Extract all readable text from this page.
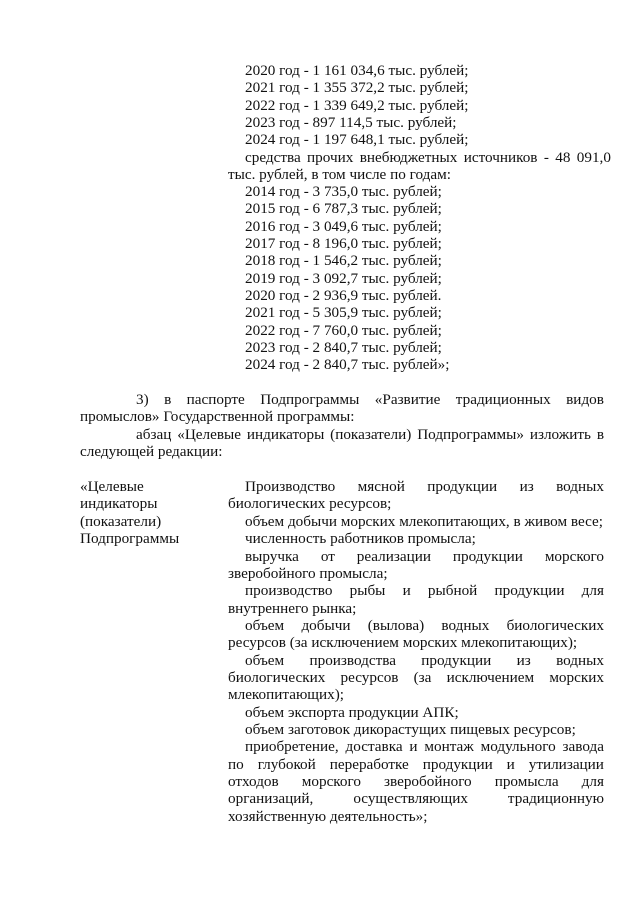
2020 год - 1 161 034,6 тыс. рублей;
2021 год - 1 355 372,2 тыс. рублей;
2022 год - 1 339 649,2 тыс. рублей;
2023 год - 897 114,5 тыс. рублей;
2024 год - 1 197 648,1 тыс. рублей;
средства прочих внебюджетных источников - 48 091,0
тыс. рублей, в том числе по годам:
2014 год - 3 735,0 тыс. рублей;
2015 год - 6 787,3 тыс. рублей;
2016 год - 3 049,6 тыс. рублей;
2017 год - 8 196,0 тыс. рублей;
2018 год - 1 546,2 тыс. рублей;
2019 год - 3 092,7 тыс. рублей;
2020 год - 2 936,9 тыс. рублей.
2021 год - 5 305,9 тыс. рублей;
2022 год - 7 760,0 тыс. рублей;
2023 год - 2 840,7 тыс. рублей;
2024 год - 2 840,7 тыс. рублей»;
3) в паспорте Подпрограммы «Развитие традиционных видов
промыслов» Государственной программы:
абзац «Целевые индикаторы (показатели) Подпрограммы» изложить в
следующей редакции:
«Целевые
индикаторы
(показатели)
Подпрограммы
Производство мясной продукции из водных
биологических ресурсов;
объем добычи морских млекопитающих, в живом весе;
численность работников промысла;
выручка от реализации продукции морского
зверобойного промысла;
производство рыбы и рыбной продукции для
внутреннего рынка;
объем добычи (вылова) водных биологических
ресурсов (за исключением морских млекопитающих);
объем производства продукции из водных
биологических ресурсов (за исключением морских
млекопитающих);
объем экспорта продукции АПК;
объем заготовок дикорастущих пищевых ресурсов;
приобретение, доставка и монтаж модульного завода
по глубокой переработке продукции и утилизации
отходов морского зверобойного промысла для
организаций,	осуществляющих	традиционную
хозяйственную деятельность»;
